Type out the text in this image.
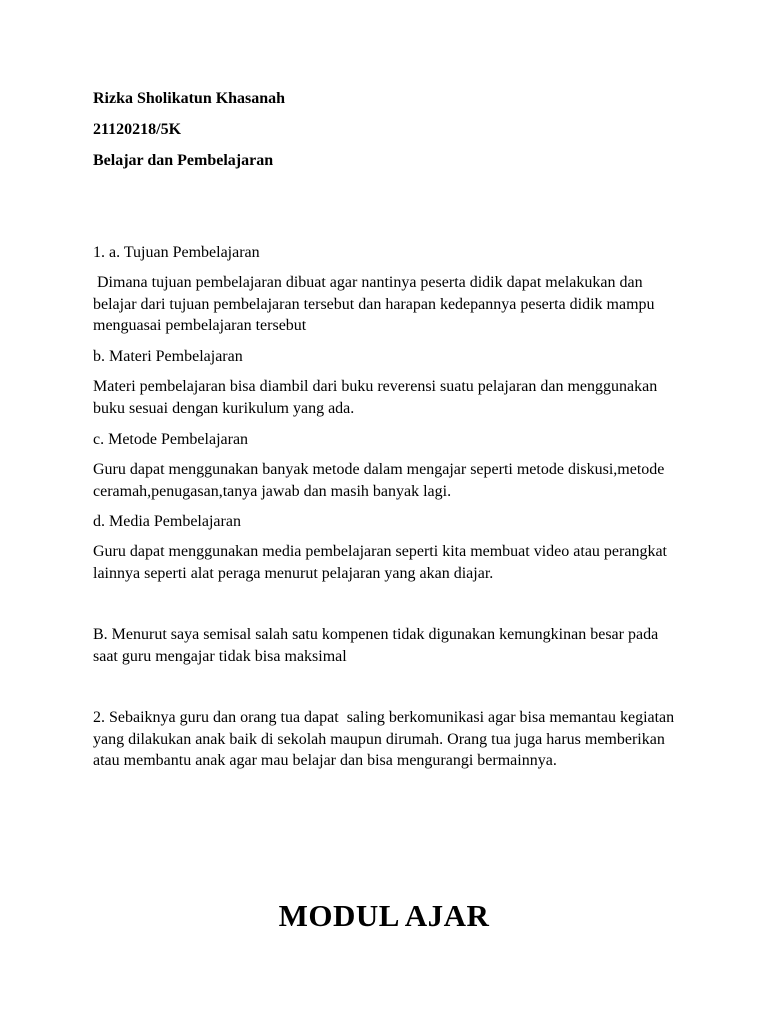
Rizka Sholikatun Khasanah
21120218/5K
Belajar dan Pembelajaran
1. a. Tujuan Pembelajaran
Dimana tujuan pembelajaran dibuat agar nantinya peserta didik dapat melakukan dan belajar dari tujuan pembelajaran tersebut dan harapan kedepannya peserta didik mampu menguasai pembelajaran tersebut
b. Materi Pembelajaran
Materi pembelajaran bisa diambil dari buku reverensi suatu pelajaran dan menggunakan buku sesuai dengan kurikulum yang ada.
c. Metode Pembelajaran
Guru dapat menggunakan banyak metode dalam mengajar seperti metode diskusi,metode ceramah,penugasan,tanya jawab dan masih banyak lagi.
d. Media Pembelajaran
Guru dapat menggunakan media pembelajaran seperti kita membuat video atau perangkat lainnya seperti alat peraga menurut pelajaran yang akan diajar.
B. Menurut saya semisal salah satu kompenen tidak digunakan kemungkinan besar pada saat guru mengajar tidak bisa maksimal
2. Sebaiknya guru dan orang tua dapat  saling berkomunikasi agar bisa memantau kegiatan yang dilakukan anak baik di sekolah maupun dirumah. Orang tua juga harus memberikan atau membantu anak agar mau belajar dan bisa mengurangi bermainnya.
MODUL AJAR
